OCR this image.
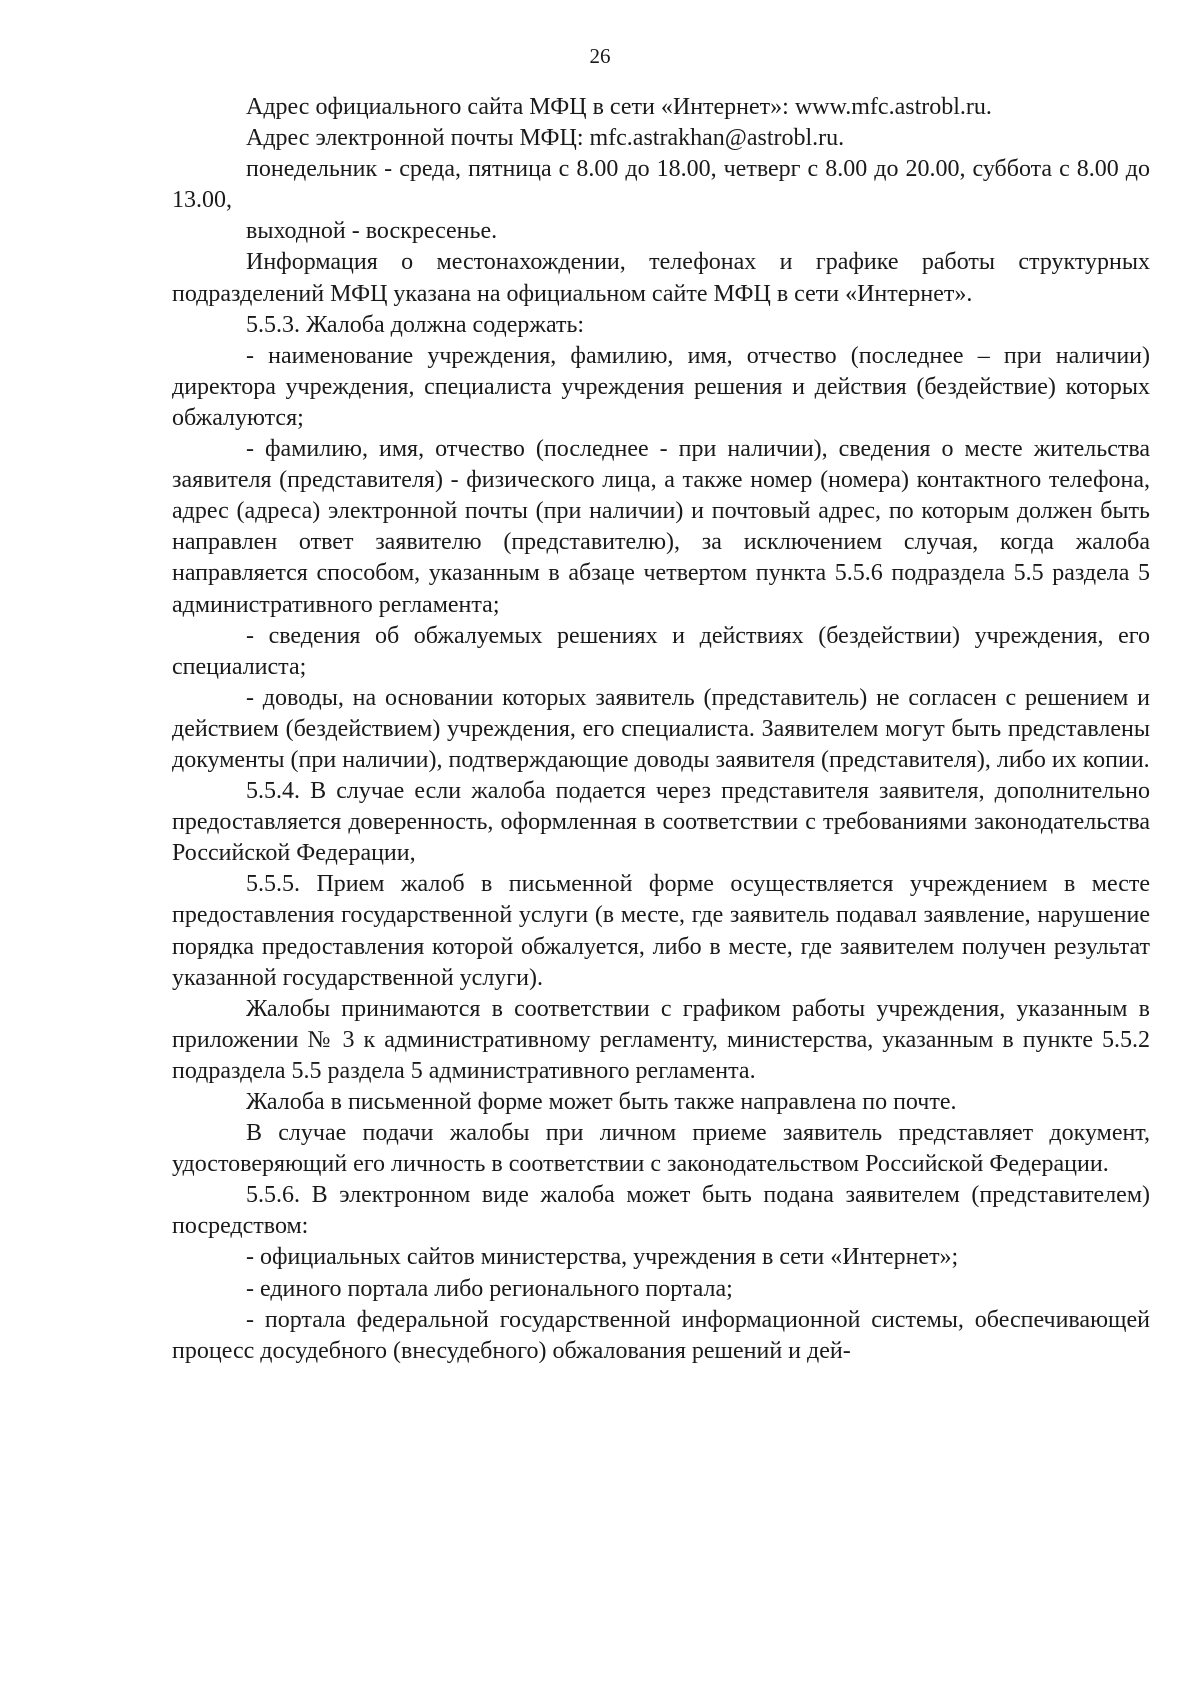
26

Адрес официального сайта МФЦ в сети «Интернет»: www.mfc.astrobl.ru.

Адрес электронной почты МФЦ: mfc.astrakhan@astrobl.ru.

понедельник - среда, пятница с 8.00 до 18.00, четверг с 8.00 до 20.00, суббота с 8.00 до 13.00,

выходной - воскресенье.

Информация о местонахождении, телефонах и графике работы структурных подразделений МФЦ указана на официальном сайте МФЦ в сети «Интернет».

5.5.3. Жалоба должна содержать:

- наименование учреждения, фамилию, имя, отчество (последнее – при наличии) директора учреждения, специалиста учреждения решения и действия (бездействие) которых обжалуются;

- фамилию, имя, отчество (последнее - при наличии), сведения о месте жительства заявителя (представителя) - физического лица, а также номер (номера) контактного телефона, адрес (адреса) электронной почты (при наличии) и почтовый адрес, по которым должен быть направлен ответ заявителю (представителю), за исключением случая, когда жалоба направляется способом, указанным в абзаце четвертом пункта 5.5.6 подраздела 5.5 раздела 5 административного регламента;

- сведения об обжалуемых решениях и действиях (бездействии) учреждения, его специалиста;

- доводы, на основании которых заявитель (представитель) не согласен с решением и действием (бездействием) учреждения, его специалиста. Заявителем могут быть представлены документы (при наличии), подтверждающие доводы заявителя (представителя), либо их копии.

5.5.4. В случае если жалоба подается через представителя заявителя, дополнительно предоставляется доверенность, оформленная в соответствии с требованиями законодательства Российской Федерации,

5.5.5. Прием жалоб в письменной форме осуществляется учреждением в месте предоставления государственной услуги (в месте, где заявитель подавал заявление, нарушение порядка предоставления которой обжалуется, либо в месте, где заявителем получен результат указанной государственной услуги).

Жалобы принимаются в соответствии с графиком работы учреждения, указанным в приложении № 3 к административному регламенту, министерства, указанным в пункте 5.5.2 подраздела 5.5 раздела 5 административного регламента.

Жалоба в письменной форме может быть также направлена по почте.

В случае подачи жалобы при личном приеме заявитель представляет документ, удостоверяющий его личность в соответствии с законодательством Российской Федерации.

5.5.6. В электронном виде жалоба может быть подана заявителем (представителем) посредством:

- официальных сайтов министерства, учреждения в сети «Интернет»;

- единого портала либо регионального портала;

- портала федеральной государственной информационной системы, обеспечивающей процесс досудебного (внесудебного) обжалования решений и дей-
